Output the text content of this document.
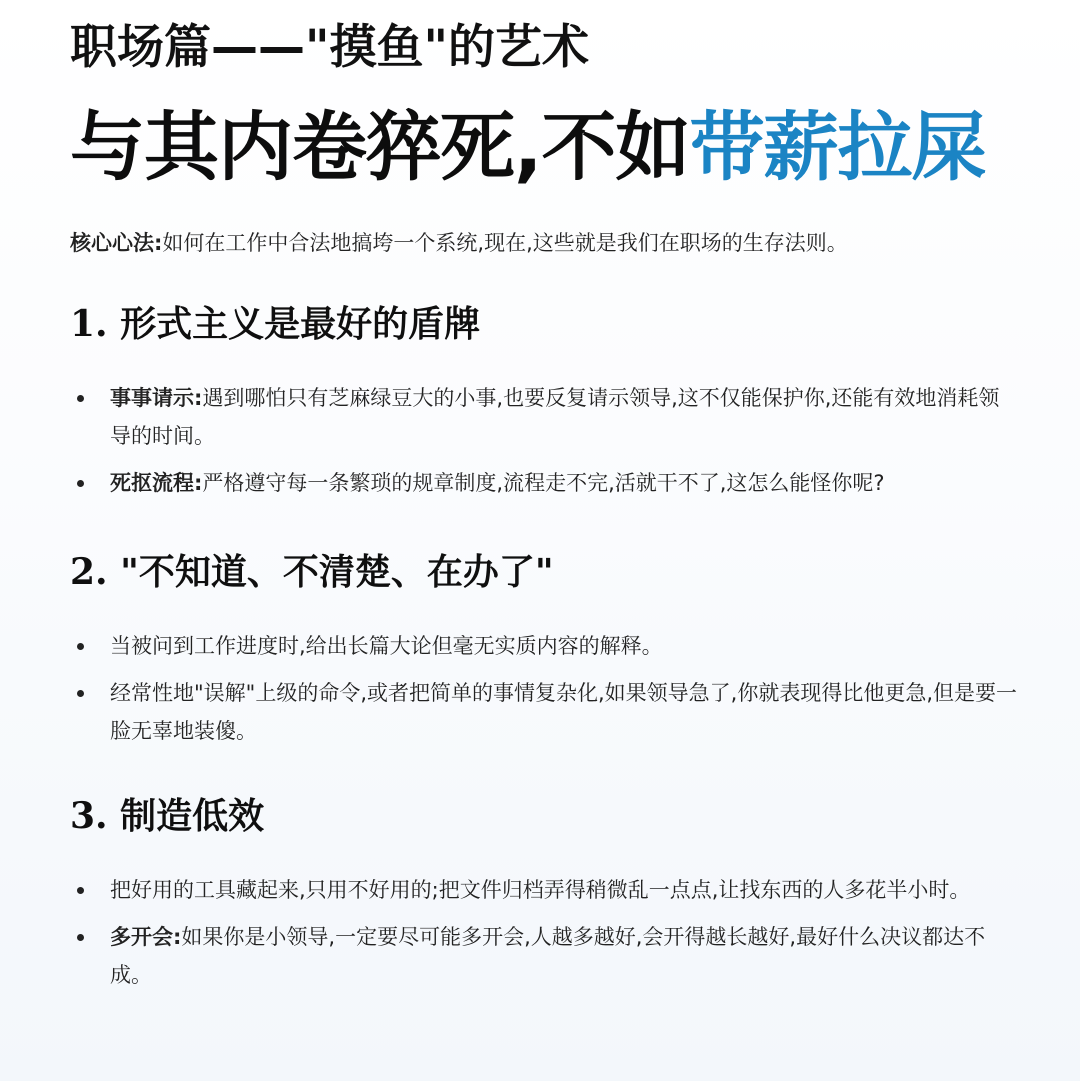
职场篇——"摸鱼"的艺术
与其内卷猝死,不如带薪拉屎

核心心法:如何在工作中合法地搞垮一个系统,现在,这些就是我们在职场的生存法则。

1. 形式主义是最好的盾牌
事事请示:遇到哪怕只有芝麻绿豆大的小事,也要反复请示领导,这不仅能保护你,还能有效地消耗领导的时间。
死抠流程:严格遵守每一条繁琐的规章制度,流程走不完,活就干不了,这怎么能怪你呢?
2. "不知道、不清楚、在办了"
当被问到工作进度时,给出长篇大论但毫无实质内容的解释。
经常性地"误解"上级的命令,或者把简单的事情复杂化,如果领导急了,你就表现得比他更急,但是要一脸无辜地装傻。
3. 制造低效
把好用的工具藏起来,只用不好用的;把文件归档弄得稍微乱一点点,让找东西的人多花半小时。
多开会:如果你是小领导,一定要尽可能多开会,人越多越好,会开得越长越好,最好什么决议都达不成。
